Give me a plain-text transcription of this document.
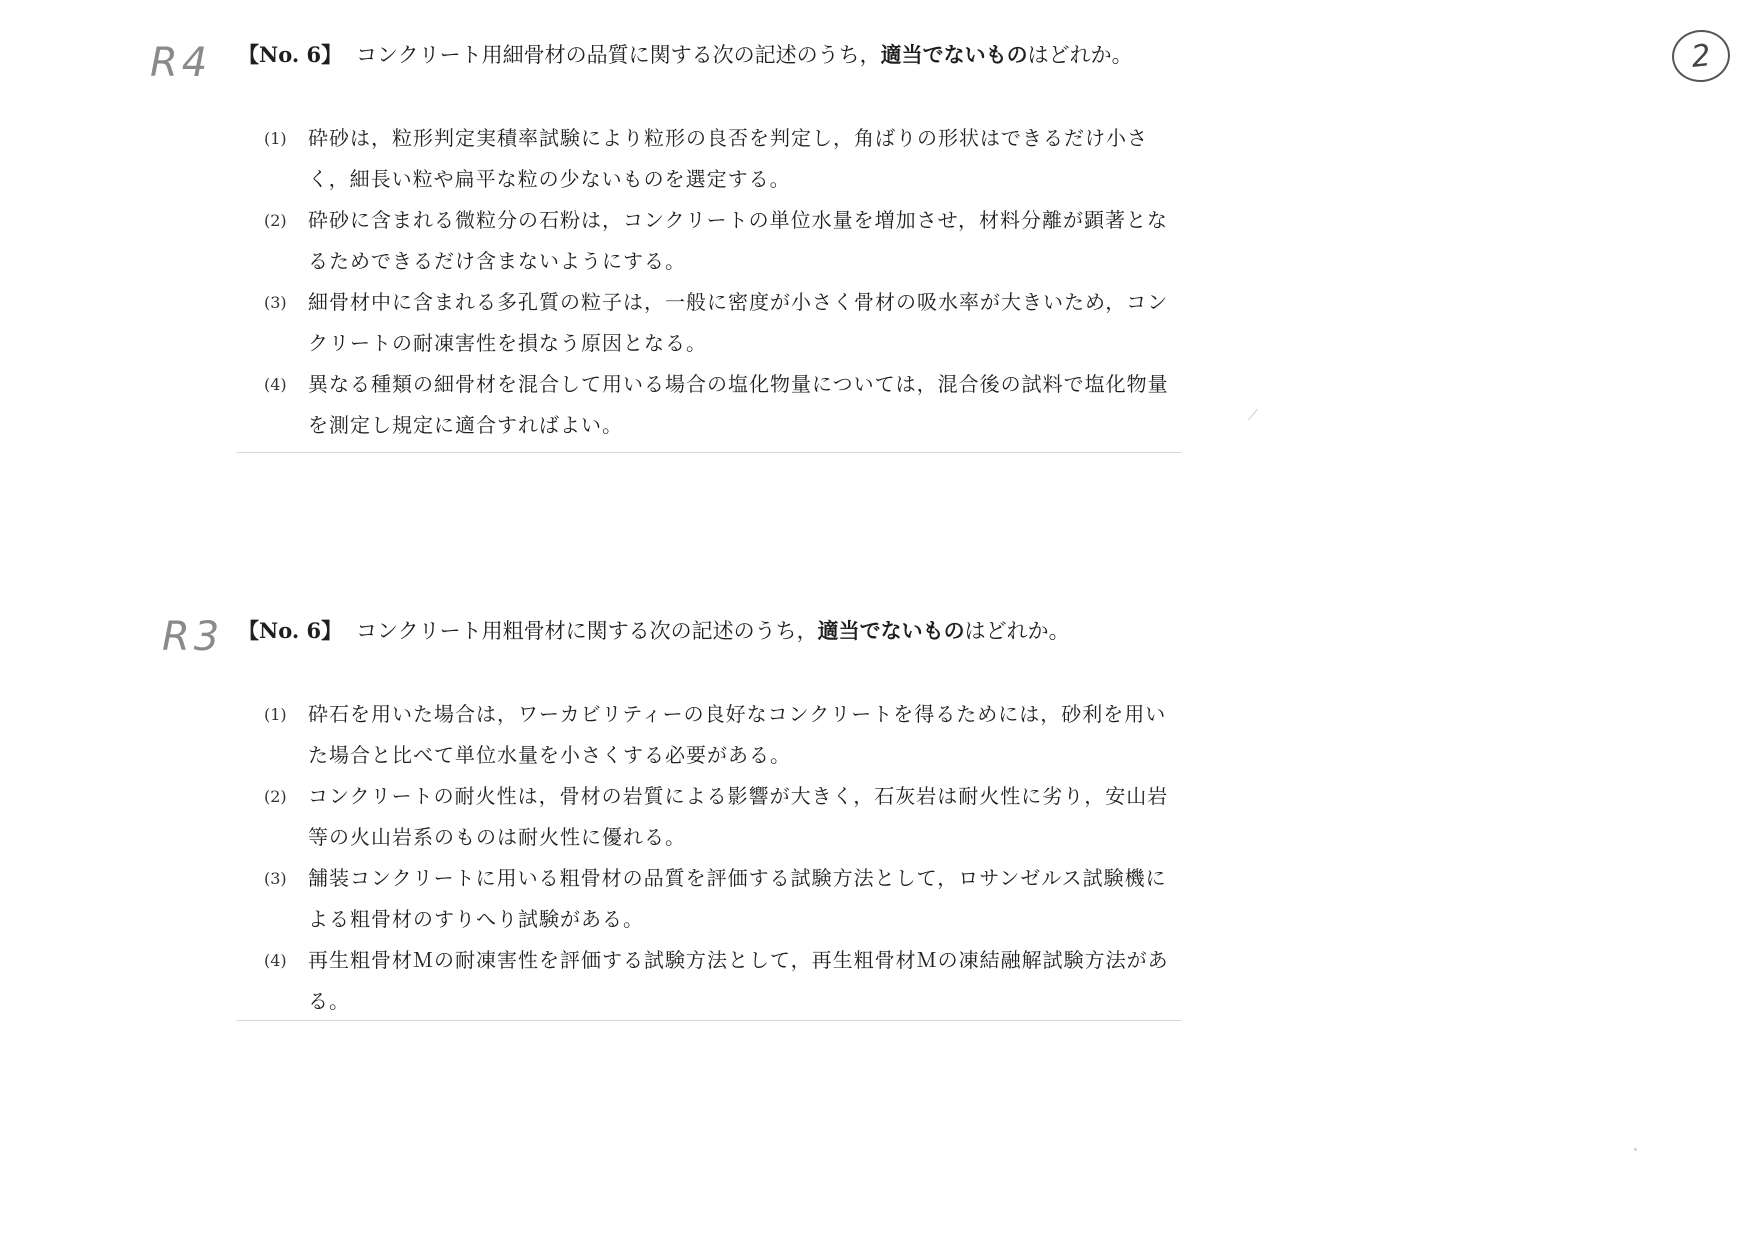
2
R4 【No. 6】 コンクリート用細骨材の品質に関する次の記述のうち，適当でないものはどれか。
(1) 砕砂は，粒形判定実積率試験により粒形の良否を判定し，角ばりの形状はできるだけ小さく，細長い粒や扁平な粒の少ないものを選定する。
(2) 砕砂に含まれる微粒分の石粉は，コンクリートの単位水量を増加させ，材料分離が顕著となるためできるだけ含まないようにする。
(3) 細骨材中に含まれる多孔質の粒子は，一般に密度が小さく骨材の吸水率が大きいため，コンクリートの耐凍害性を損なう原因となる。
(4) 異なる種類の細骨材を混合して用いる場合の塩化物量については，混合後の試料で塩化物量を測定し規定に適合すればよい。
R3 【No. 6】 コンクリート用粗骨材に関する次の記述のうち，適当でないものはどれか。
(1) 砕石を用いた場合は，ワーカビリティーの良好なコンクリートを得るためには，砂利を用いた場合と比べて単位水量を小さくする必要がある。
(2) コンクリートの耐火性は，骨材の岩質による影響が大きく，石灰岩は耐火性に劣り，安山岩等の火山岩系のものは耐火性に優れる。
(3) 舗装コンクリートに用いる粗骨材の品質を評価する試験方法として，ロサンゼルス試験機による粗骨材のすりへり試験がある。
(4) 再生粗骨材Ｍの耐凍害性を評価する試験方法として，再生粗骨材Ｍの凍結融解試験方法がある。
